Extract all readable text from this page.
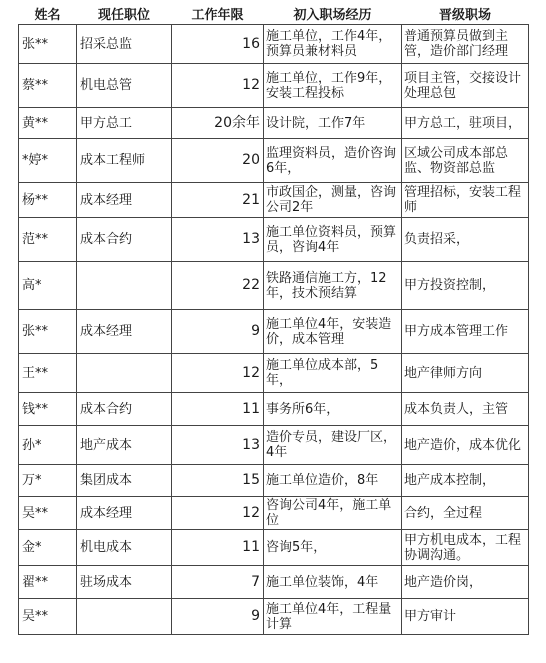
姓名	现任职位	工作年限	初入职场经历	晋级职场
张**	招采总监	16	施工单位，工作4年，预算员兼材料员	普通预算员做到主管，造价部门经理
蔡**	机电总管	12	施工单位，工作9年，安装工程投标	项目主管，交接设计处理总包
黄**	甲方总工	20余年	设计院，工作7年	甲方总工，驻项目，
*婷*	成本工程师	20	监理资料员，造价咨询6年，	区域公司成本部总监、物资部总监
杨**	成本经理	21	市政国企，测量，咨询公司2年	管理招标，安装工程师
范**	成本合约	13	施工单位资料员，预算员，咨询4年	负责招采，
高*		22	铁路通信施工方，12年，技术预结算	甲方投资控制，
张**	成本经理	9	施工单位4年，安装造价，成本管理	甲方成本管理工作
王**		12	施工单位成本部，5年，	地产律师方向
钱**	成本合约	11	事务所6年，	成本负责人，主管
孙*	地产成本	13	造价专员，建设厂区，4年	地产造价，成本优化
万*	集团成本	15	施工单位造价，8年	地产成本控制，
吴**	成本经理	12	咨询公司4年，施工单位	合约，全过程
金*	机电成本	11	咨询5年，	甲方机电成本，工程协调沟通。
翟**	驻场成本	7	施工单位装饰，4年	地产造价岗，
吴**		9	施工单位4年，工程量计算	甲方审计
